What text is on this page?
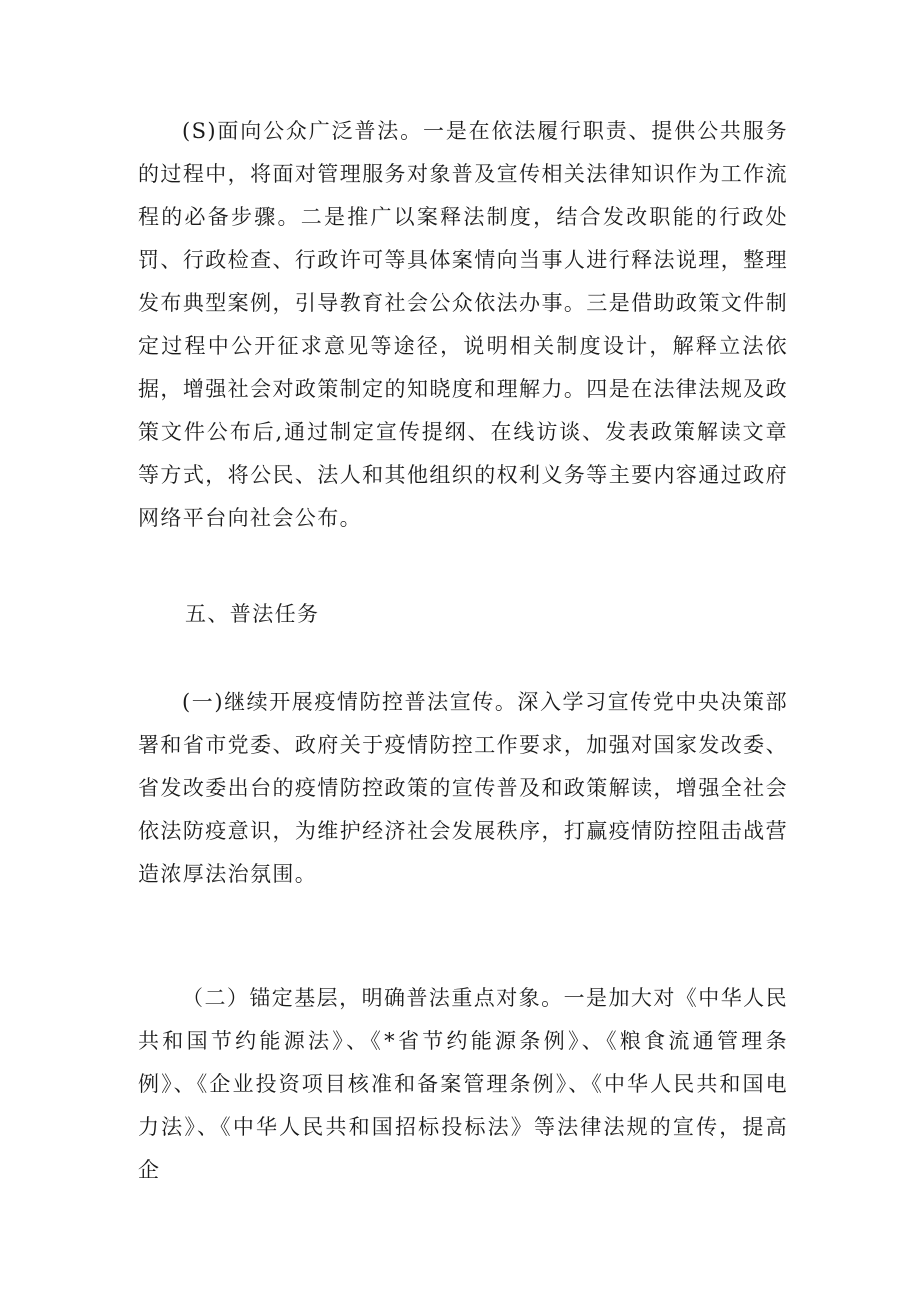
(S)面向公众广泛普法。一是在依法履行职责、提供公共服务的过程中，将面对管理服务对象普及宣传相关法律知识作为工作流程的必备步骤。二是推广以案释法制度，结合发改职能的行政处罚、行政检查、行政许可等具体案情向当事人进行释法说理，整理发布典型案例，引导教育社会公众依法办事。三是借助政策文件制定过程中公开征求意见等途径，说明相关制度设计，解释立法依据，增强社会对政策制定的知晓度和理解力。四是在法律法规及政策文件公布后,通过制定宣传提纲、在线访谈、发表政策解读文章等方式，将公民、法人和其他组织的权利义务等主要内容通过政府网络平台向社会公布。

五、普法任务

(一)继续开展疫情防控普法宣传。深入学习宣传党中央决策部署和省市党委、政府关于疫情防控工作要求，加强对国家发改委、省发改委出台的疫情防控政策的宣传普及和政策解读，增强全社会依法防疫意识，为维护经济社会发展秩序，打赢疫情防控阻击战营造浓厚法治氛围。

（二）锚定基层，明确普法重点对象。一是加大对《中华人民共和国节约能源法》、《*省节约能源条例》、《粮食流通管理条例》、《企业投资项目核准和备案管理条例》、《中华人民共和国电力法》、《中华人民共和国招标投标法》等法律法规的宣传，提高企
